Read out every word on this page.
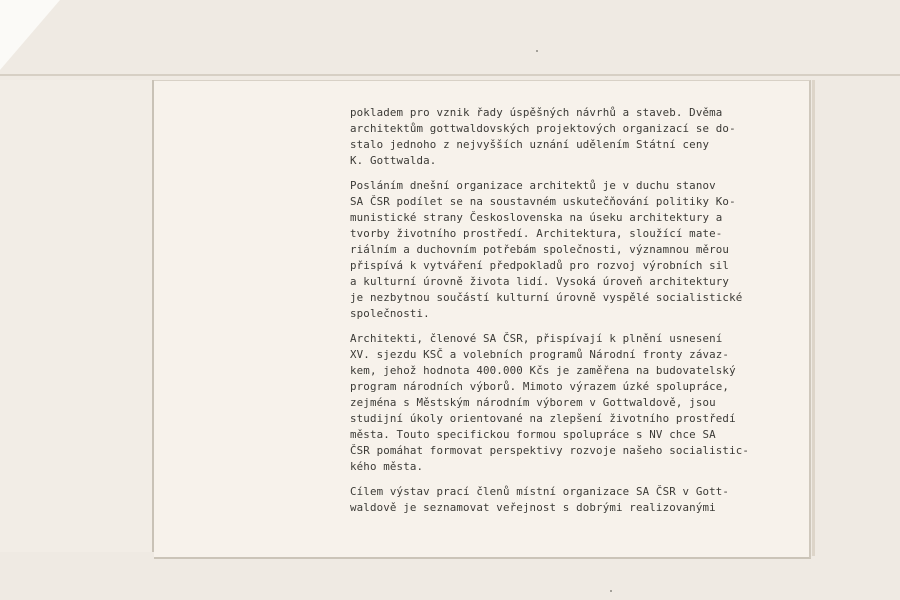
pokladem pro vznik řady úspěšných návrhů a staveb. Dvěma
architektům gottwaldovských projektových organizací se do-
stalo jednoho z nejvyšších uznání udělením Státní ceny
K. Gottwalda.
Posláním dnešní organizace architektů je v duchu stanov
SA ČSR podílet se na soustavném uskutečňování politiky Ko-
munistické strany Československa na úseku architektury a
tvorby životního prostředí. Architektura, sloužící mate-
riálním a duchovním potřebám společnosti, významnou měrou
přispívá k vytváření předpokladů pro rozvoj výrobních sil
a kulturní úrovně života lidí. Vysoká úroveň architektury
je nezbytnou součástí kulturní úrovně vyspělé socialistické
společnosti.
Architekti, členové SA ČSR, přispívají k plnění usnesení
XV. sjezdu KSČ a volebních programů Národní fronty závaz-
kem, jehož hodnota 400.000 Kčs je zaměřena na budovatelský
program národních výborů. Mimoto výrazem úzké spolupráce,
zejména s Městským národním výborem v Gottwaldově, jsou
studijní úkoly orientované na zlepšení životního prostředí
města. Touto specifickou formou spolupráce s NV chce SA
ČSR pomáhat formovat perspektivy rozvoje našeho socialistic-
kého města.
Cílem výstav prací členů místní organizace SA ČSR v Gott-
waldově je seznamovat veřejnost s dobrými realizovanými
